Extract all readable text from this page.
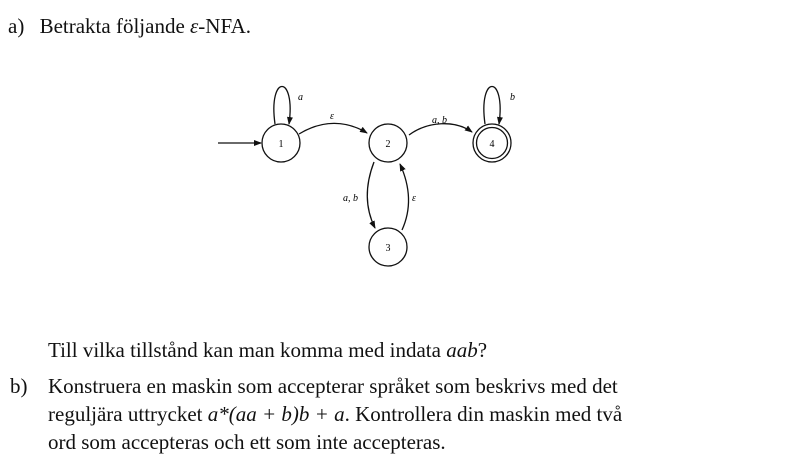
a) Betrakta följande ε-NFA.
a
ε	a, b
b
a, b	ε
1	2
3
4
Till vilka tillstånd kan man komma med indata aab?
b) Konstruera en maskin som accepterar språket som beskrivs med det
reguljära uttrycket a*(aa + b)b + a. Kontrollera din maskin med två
ord som accepteras och ett som inte accepteras.
